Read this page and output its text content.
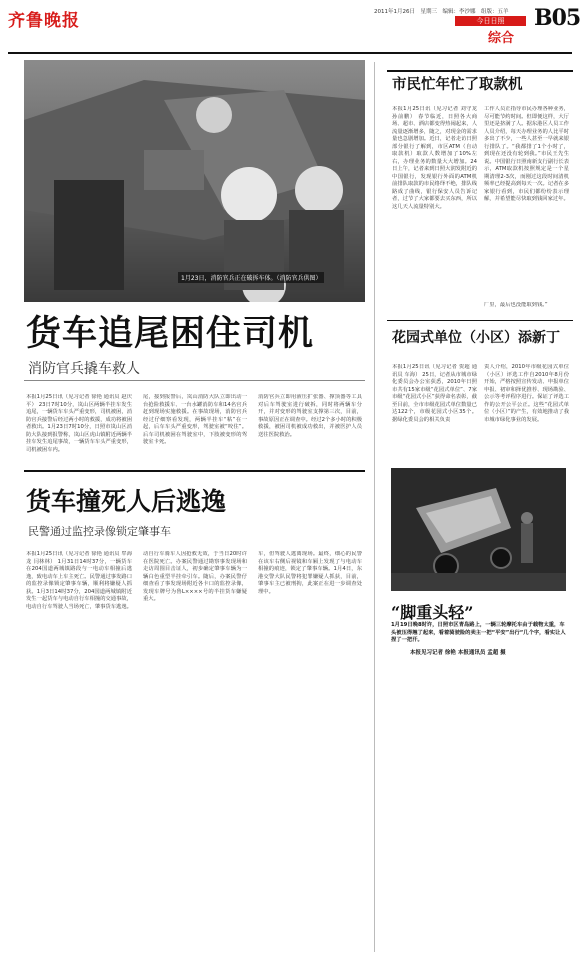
齐鲁晚报	2011年1月26日　星期三　编辑：李沙娜　组版：五羊
今日日照
综合
B05
1月23日，消防官兵正在破拆车体。（消防官兵供图）
货车追尾困住司机
消防官兵撬车救人
本报1月25日讯（见习记者 徐艳 通讯员 赵庆平） 23日7时10分，岚山区两辆半挂车发生追尾，一辆货车车头严重变形，司机被困，消防官兵接警后经过两小时的救援，成功将被困者救出。1月23日7时10分，日照市岚山区消防大队接到报警称，岚山区虎山镇附近两辆半挂车发生追尾事故，一辆货车车头严重变形，司机被困车内。
尾，接到报警后，岚山消防大队立即出动一台抢险救援车、一台水罐消防车和14名官兵赶到现场实施救援。在事故现场，消防官兵经过仔细察看发现，两辆半挂车“粘”在一起，后车车头严重变形，驾驶室被“咬住”。后车司机被困在驾驶室中，下肢被变形的驾驶室卡死。
消防官兵立即用液压扩张器、撑顶器等工具对后车驾驶室进行破拆，同时将两辆车分开，并对变形的驾驶室支撑第三次，目前，事故原因正在调查中。经过2个多小时的积极救援，被困司机被成功救出，并被医护人员送往医院救治。
货车撞死人后逃逸
民警通过监控录像锁定肇事车
本报1月25日讯（见习记者 徐艳 通讯员 牟海龙 闫林林） 1月31日14时37分，一辆货车在204国道两城镇路段与一电动车相撞后逃逸，致电动车上车主死亡。民警通过事发路口的监控录像锁定肇事车辆，顺利将嫌疑人抓获。1月3日14时37分，204国道两城镇附近发生一起货车与电动自行车相撞的交通事故，电动自行车驾驶人当场死亡，肇事货车逃逸。
动自行车骑车人因抢救无效，于当日20时许在医院死亡。办案民警通过勘察事发现场和走访周围目击证人，初步确定肇事车辆为一辆白色重型半挂牵引车。随后，办案民警仔细查看了事发现场附近各卡口的监控录像，发现车牌号为鲁L××××号的半挂货车嫌疑重大。
车，但驾驶人逃离现场。最终，细心的民警在该车右侧后视镜和车厢上发现了与电动车相撞的痕迹，锁定了肇事车辆。1月4日，东港交警大队民警将犯罪嫌疑人抓获，目前，肇事车主已被刑拘，此案正在进一步调查处理中。
市民忙年忙了取款机
本报1月25日讯（见习记者 刘守龙 孙前鹏） 春节临近，日照各大商场、超市、酒店都变得热闹起来，人流量逐渐增多，随之，对现金的需求量也急剧增加。近日，记者走访日照部分银行了解到，市区ATM（自动取款机）取款人数增加了10%左右，办理业务的数量大大增加。24日上午，记者来到日照大润发附近的中国银行，发现银行外面的ATM机前排队取款的市民络绎不绝，排队线路成了曲线，银行保安人员告诉记者，过节了大家都要去买东西，所以这几天人流量特别大。
工作人员正指导市民办理各种业务，尽可能节约时间。但即便这样，大厅里还是挤满了人。据东港区人员工作人员介绍，每天办理业务的人比平时多出了不少，一些人甚至一早就来银行排队了。“我都排了1个小时了，到现在还没有轮到我。”市民王先生说。中国银行日照南新支行副行长表示，ATM取款机按照规定是一个星期清理2-3次，而刚过这段时间清机频率已经提高到每天一次。记者在多家银行看到，市民们都纷纷表示理解，并希望能尽快取到钱回家过年。
厂里，最后也没能取到钱。”
花园式单位（小区）添新丁
本报1月25日讯（见习记者 贺超 通讯员 车海） 25日，记者从市城市绿化委员会办公室获悉，2010年日照市共有15家市级“花园式单位”、7家市级“花园式小区”获得命名表彰，截至目前，全市市级花园式单位数量已达122个，市级花园式小区35个。据绿化委员会的相关负责
责人介绍，2010年市级花园式单位（小区）评选工作自2010年8月份开始，严格按照宣传发动、申报单位申报、初审和择优推荐、现场勘验、公示等考评程序进行。保证了评选工作的公开公平公正。这些“花园式单位（小区）”的产生，有效地推动了我市城市绿化事业的发展。
“脚重头轻”
1月19日晚8时许，日照市区青岛路上，一辆三轮摩托车由于载物太重，车头被压得翘了起来，看着骑驶险的卖主一把“平安”出行“几个字，看实让人捏了一把汗。
本报见习记者 徐艳 本报通讯员 孟超 摄
